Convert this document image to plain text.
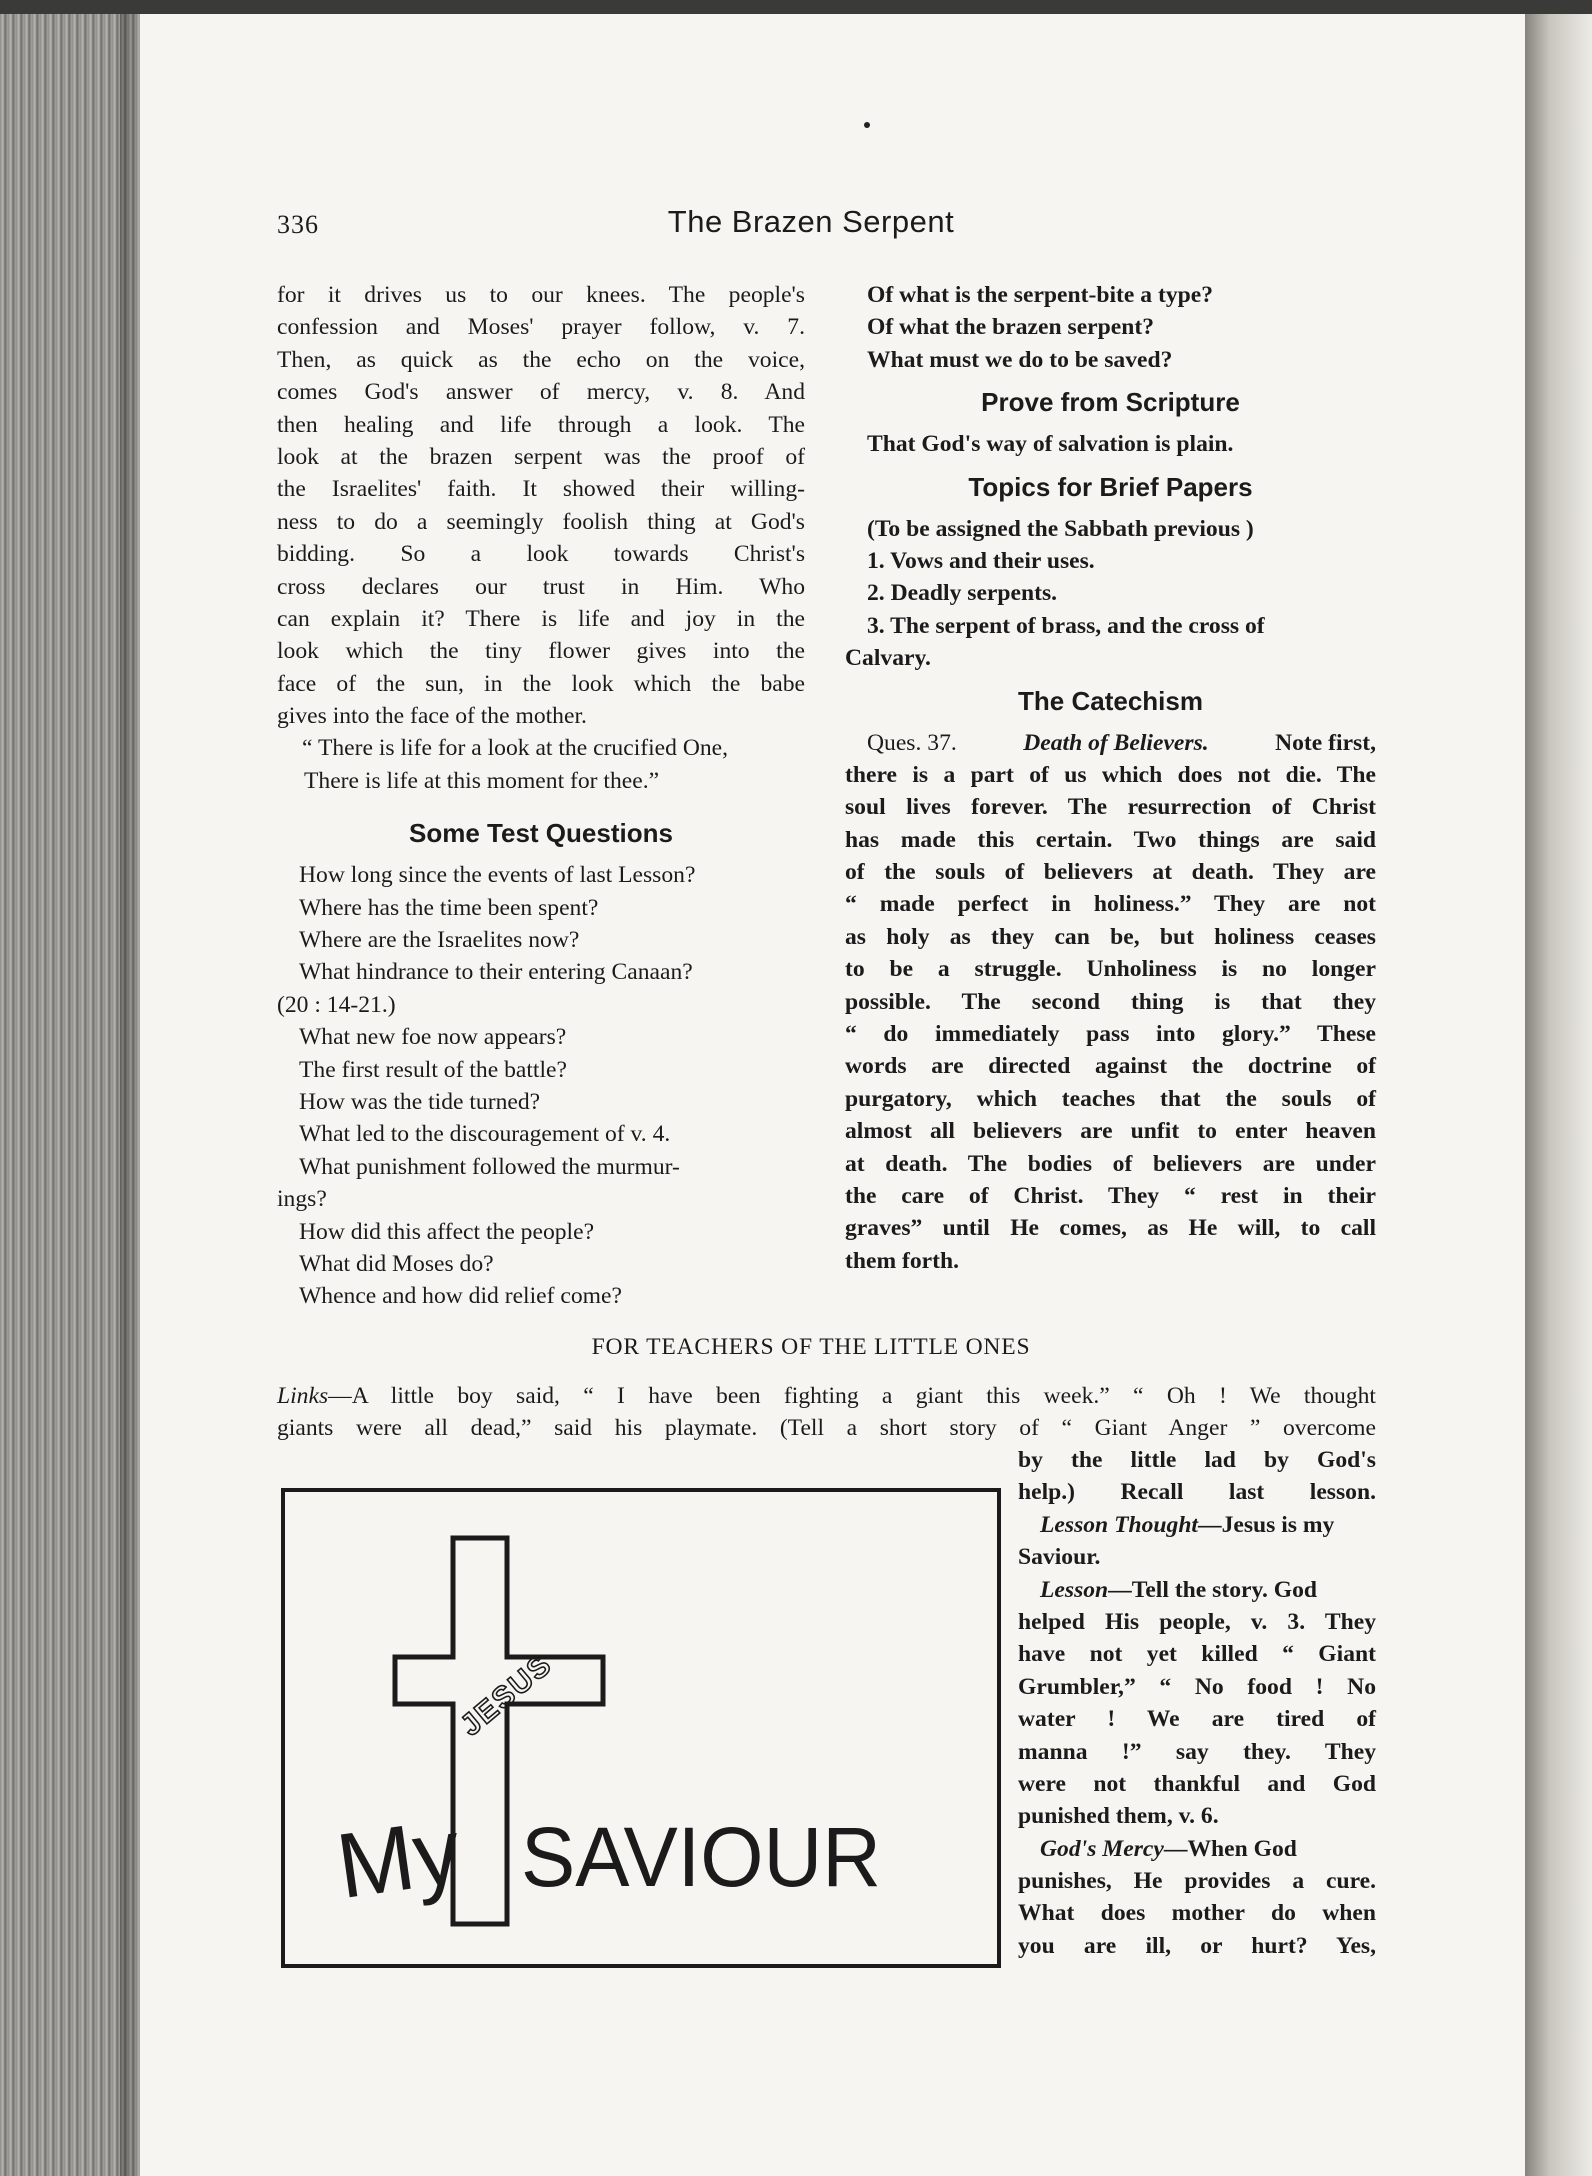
336	The Brazen Serpent
for it drives us to our knees. The people's
confession and Moses' prayer follow, v. 7.
Then, as quick as the echo on the voice,
comes God's answer of mercy, v. 8. And
then healing and life through a look. The
look at the brazen serpent was the proof of
the Israelites' faith. It showed their willing-
ness to do a seemingly foolish thing at God's
bidding. So a look towards Christ's
cross declares our trust in Him. Who
can explain it? There is life and joy in the
look which the tiny flower gives into the
face of the sun, in the look which the babe
gives into the face of the mother.
“ There is life for a look at the crucified One,
There is life at this moment for thee.”
Some Test Questions
How long since the events of last Lesson?
Where has the time been spent?
Where are the Israelites now?
What hindrance to their entering Canaan?
(20 : 14-21.)
What new foe now appears?
The first result of the battle?
How was the tide turned?
What led to the discouragement of v. 4.
What punishment followed the murmur-
ings?
How did this affect the people?
What did Moses do?
Whence and how did relief come?
Of what is the serpent-bite a type?
Of what the brazen serpent?
What must we do to be saved?
Prove from Scripture
That God's way of salvation is plain.
Topics for Brief Papers
(To be assigned the Sabbath previous )
1. Vows and their uses.
2. Deadly serpents.
3. The serpent of brass, and the cross of
Calvary.
The Catechism
Ques. 37.	Death of Believers.	Note first,
there is a part of us which does not die. The
soul lives forever. The resurrection of Christ
has made this certain. Two things are said
of the souls of believers at death. They are
“ made perfect in holiness.” They are not
as holy as they can be, but holiness ceases
to be a struggle. Unholiness is no longer
possible. The second thing is that they
“ do immediately pass into glory.” These
words are directed against the doctrine of
purgatory, which teaches that the souls of
almost all believers are unfit to enter heaven
at death. The bodies of believers are under
the care of Christ. They “ rest in their
graves” until He comes, as He will, to call
them forth.
FOR TEACHERS OF THE LITTLE ONES
Links—A little boy said, “ I have been fighting a giant this week.” “ Oh ! We thought
giants were all dead,” said his playmate. (Tell a short story of “ Giant Anger ” overcome
by the little lad by God's
help.) Recall last lesson.
Lesson Thought—Jesus is my
Saviour.
Lesson—Tell the story. God
helped His people, v. 3. They
have not yet killed “ Giant
Grumbler,” “ No food ! No
water ! We are tired of
manna !” say they. They
were not thankful and God
punished them, v. 6.
God's Mercy—When God
punishes, He provides a cure.
What does mother do when
you are ill, or hurt? Yes,
JESUS
My SAVIOUR
